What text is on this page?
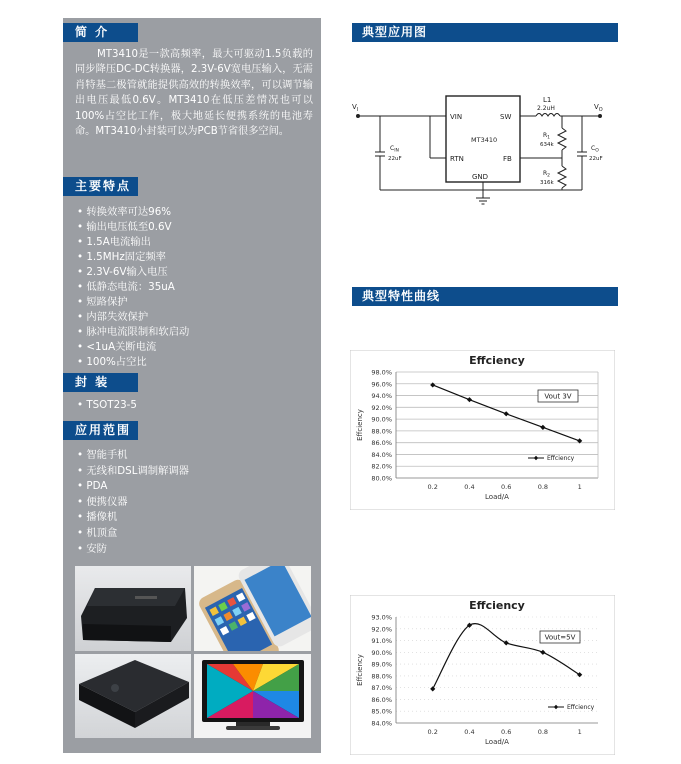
简 介
MT3410是一款高频率，最大可驱动1.5负载的同步降压DC-DC转换器，2.3V-6V宽电压输入，无需肖特基二极管就能提供高效的转换效率，可以调节输出电压最低0.6V。MT3410在低压差情况也可以100%占空比工作，极大地延长便携系统的电池寿命。MT3410小封装可以为PCB节省很多空间。
主要特点
• 转换效率可达96%
• 输出电压低至0.6V
• 1.5A电流输出
• 1.5MHz固定频率
• 2.3V-6V输入电压
• 低静态电流：35uA
• 短路保护
• 内部失效保护
• 脉冲电流限制和软启动
• <1uA关断电流
• 100%占空比
封 装
• TSOT23-5
应用范围
• 智能手机
• 无线和DSL调制解调器
• PDA
• 便携仪器
• 播像机
• 机顶盒
• 安防
典型应用图
$V_I$	$V_O$
VIN	SW
RTN	FB
GND
MT3410
L1
2.2uH
$R_1$
634k
$R_2$
316k
$C_{IN}$
22uF
$C_O$
22uF
典型特性曲线
Effciency
80.0%
82.0%
84.0%
86.0%
88.0%
90.0%
92.0%
94.0%
96.0%
98.0%
0.2	0.4	0.6	0.8	1
Load/A
Effciency
Vout 3V
Effciency
Effciency
84.0%
85.0%
86.0%
87.0%
88.0%
89.0%
90.0%
91.0%
92.0%
93.0%
0.2	0.4	0.6	0.8	1
Load/A
Effciency
Vout=5V
Effciency
